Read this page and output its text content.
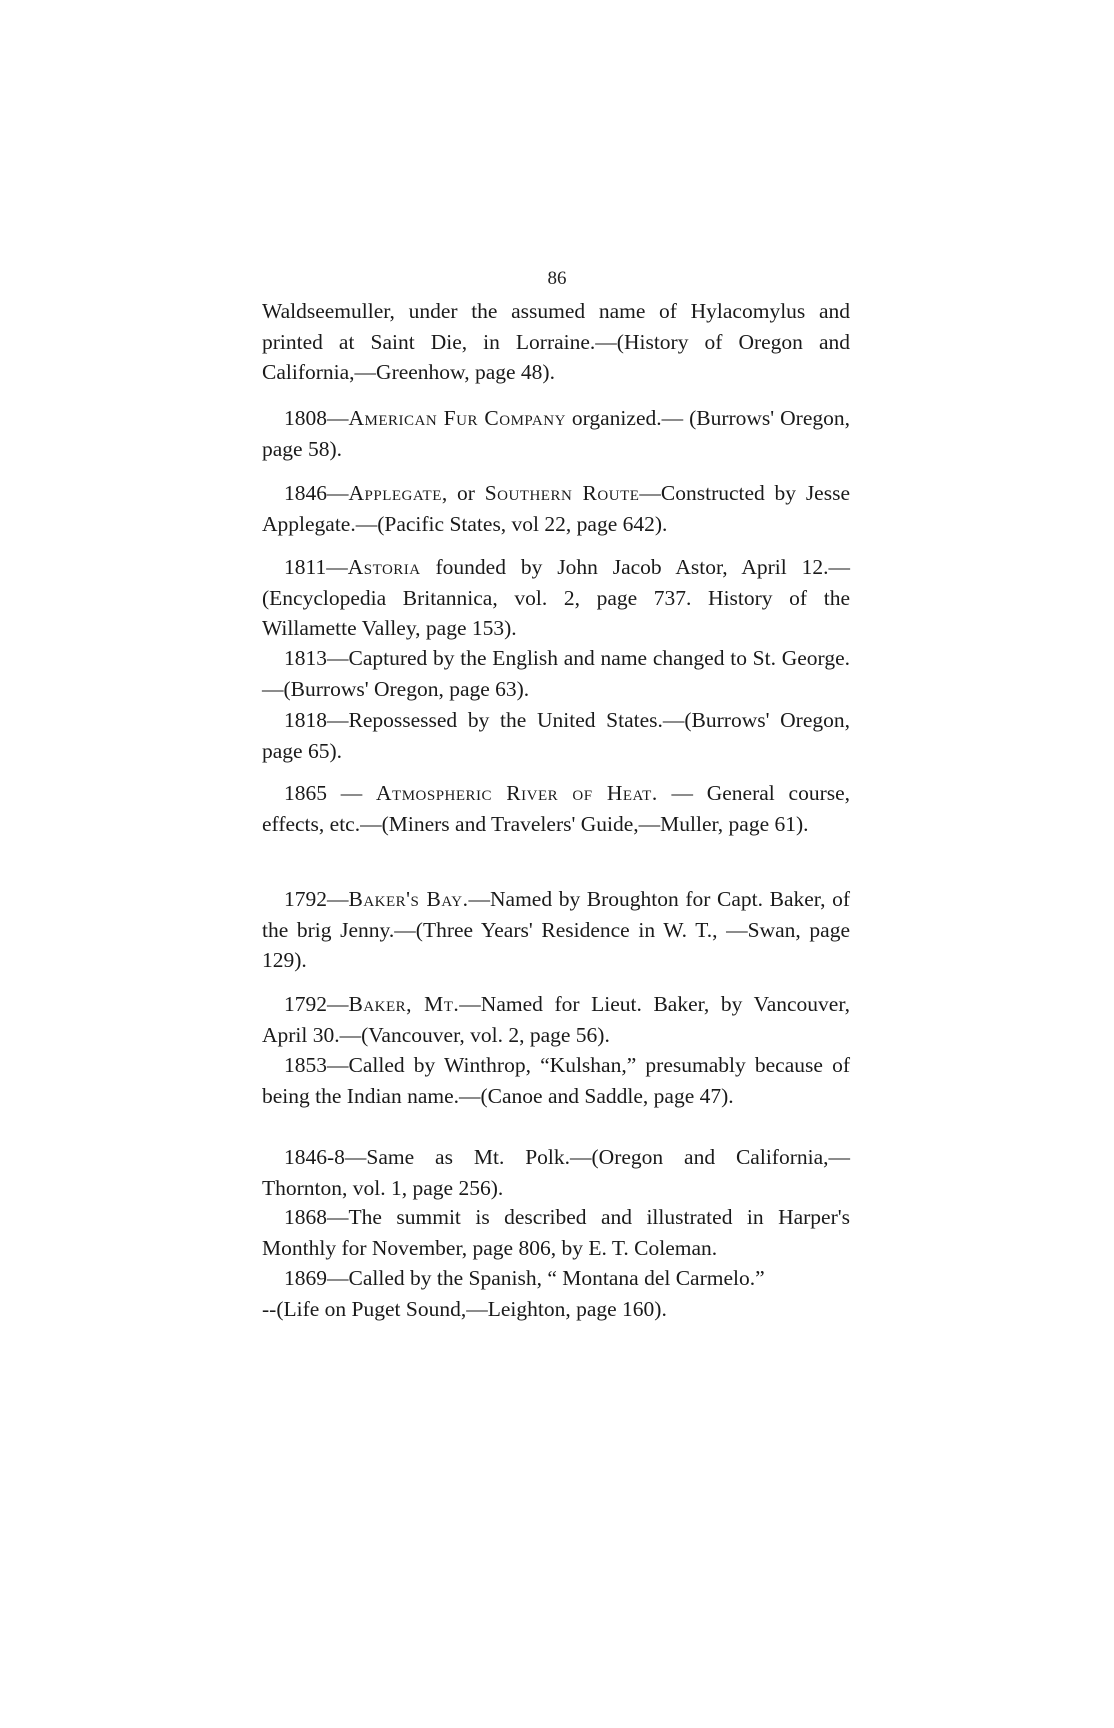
86

Waldseemuller, under the assumed name of Hylacomylus and printed at Saint Die, in Lorraine.—(History of Oregon and California,—Greenhow, page 48).

1808—American Fur Company organized.— (Burrows' Oregon, page 58).

1846—Applegate, or Southern Route—Constructed by Jesse Applegate.—(Pacific States, vol 22, page 642).

1811—Astoria founded by John Jacob Astor, April 12.—(Encyclopedia Britannica, vol. 2, page 737. History of the Willamette Valley, page 153).

1813—Captured by the English and name changed to St. George.—(Burrows' Oregon, page 63).

1818—Repossessed by the United States.—(Burrows' Oregon, page 65).

1865 — Atmospheric River of Heat. — General course, effects, etc.—(Miners and Travelers' Guide,—Muller, page 61).

1792—Baker's Bay.—Named by Broughton for Capt. Baker, of the brig Jenny.—(Three Years' Residence in W. T., —Swan, page 129).

1792—Baker, Mt.—Named for Lieut. Baker, by Vancouver, April 30.—(Vancouver, vol. 2, page 56).

1853—Called by Winthrop, “Kulshan,” presumably because of being the Indian name.—(Canoe and Saddle, page 47).

1846-8—Same as Mt. Polk.—(Oregon and California,—Thornton, vol. 1, page 256).

1868—The summit is described and illustrated in Harper's Monthly for November, page 806, by E. T. Coleman.

1869—Called by the Spanish, “ Montana del Carmelo.”

--(Life on Puget Sound,—Leighton, page 160).
